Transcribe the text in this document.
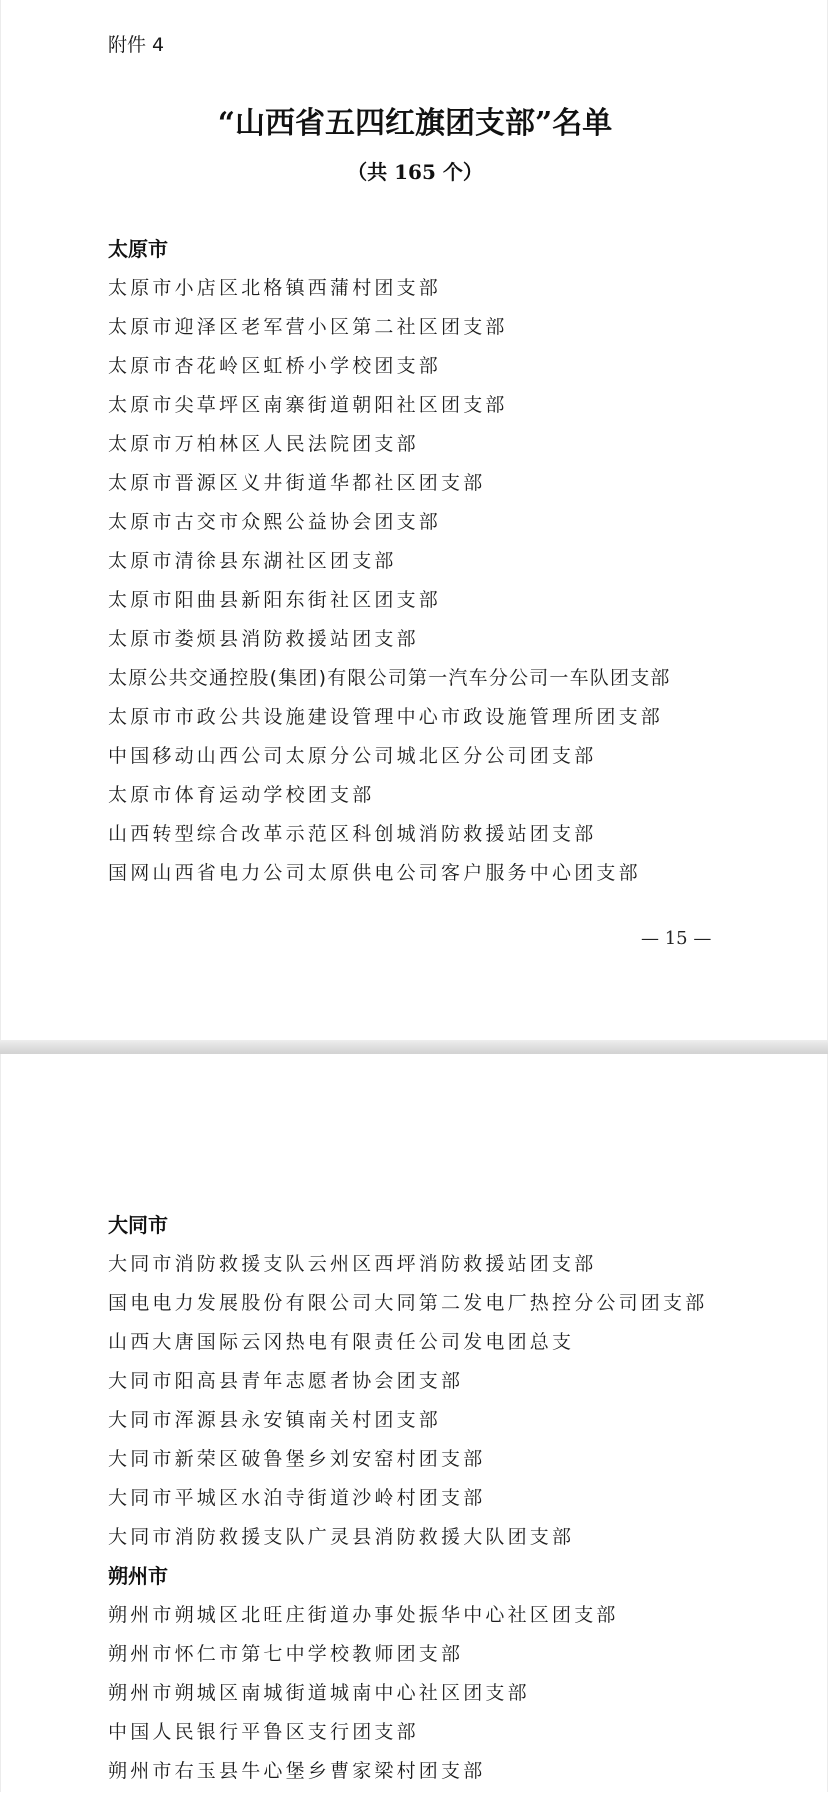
附件 4
“山西省五四红旗团支部”名单
（共 165 个）
太原市
太原市小店区北格镇西蒲村团支部
太原市迎泽区老军营小区第二社区团支部
太原市杏花岭区虹桥小学校团支部
太原市尖草坪区南寨街道朝阳社区团支部
太原市万柏林区人民法院团支部
太原市晋源区义井街道华都社区团支部
太原市古交市众熙公益协会团支部
太原市清徐县东湖社区团支部
太原市阳曲县新阳东街社区团支部
太原市娄烦县消防救援站团支部
太原公共交通控股(集团)有限公司第一汽车分公司一车队团支部
太原市市政公共设施建设管理中心市政设施管理所团支部
中国移动山西公司太原分公司城北区分公司团支部
太原市体育运动学校团支部
山西转型综合改革示范区科创城消防救援站团支部
国网山西省电力公司太原供电公司客户服务中心团支部
— 15 —
大同市
大同市消防救援支队云州区西坪消防救援站团支部
国电电力发展股份有限公司大同第二发电厂热控分公司团支部
山西大唐国际云冈热电有限责任公司发电团总支
大同市阳高县青年志愿者协会团支部
大同市浑源县永安镇南关村团支部
大同市新荣区破鲁堡乡刘安窑村团支部
大同市平城区水泊寺街道沙岭村团支部
大同市消防救援支队广灵县消防救援大队团支部
朔州市
朔州市朔城区北旺庄街道办事处振华中心社区团支部
朔州市怀仁市第七中学校教师团支部
朔州市朔城区南城街道城南中心社区团支部
中国人民银行平鲁区支行团支部
朔州市右玉县牛心堡乡曹家梁村团支部
